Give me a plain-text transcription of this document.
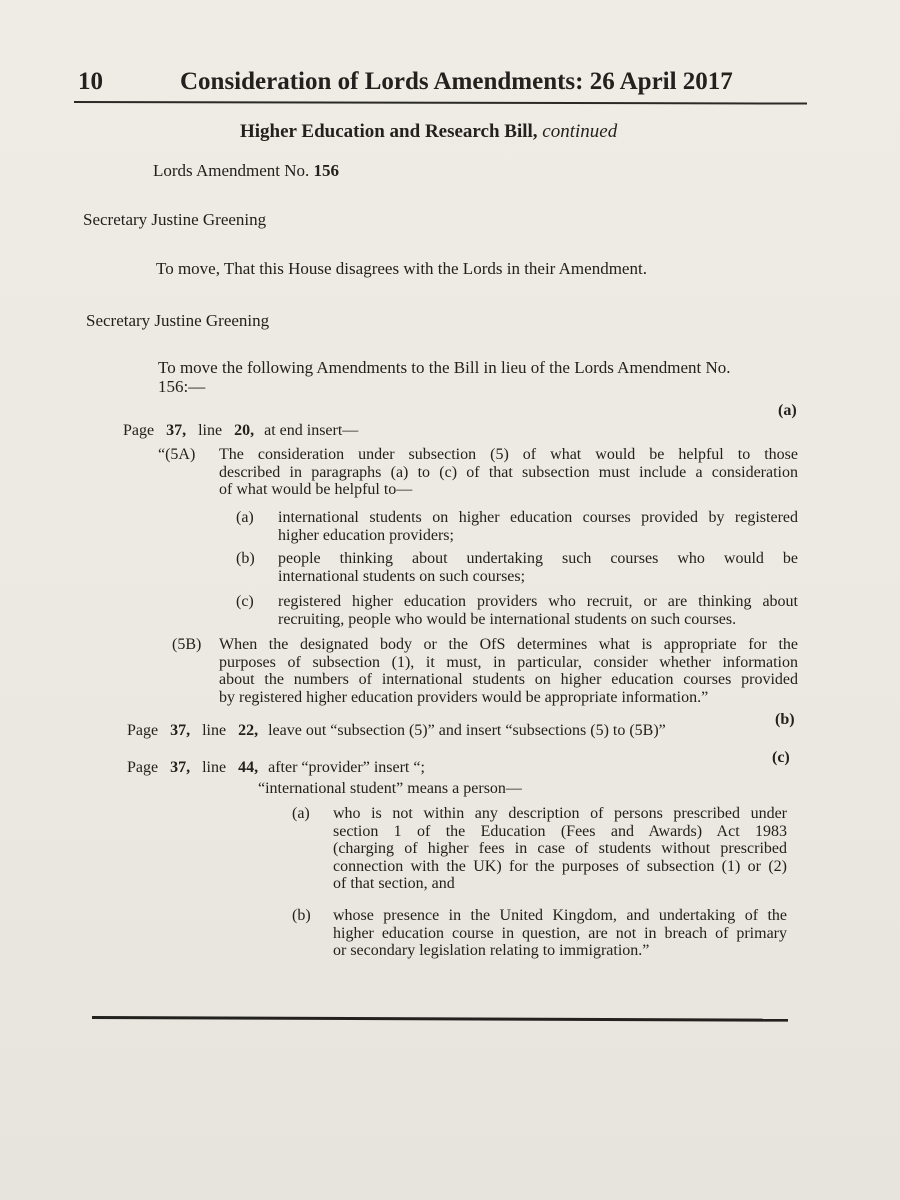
10	Consideration of Lords Amendments: 26 April 2017
Higher Education and Research Bill, continued
Lords Amendment No. 156
Secretary Justine Greening
To move, That this House disagrees with the Lords in their Amendment.
Secretary Justine Greening
To move the following Amendments to the Bill in lieu of the Lords Amendment No.
156:—
(a)
Page 37, line 20, at end insert—
“(5A) The consideration under subsection (5) of what would be helpful to those
described in paragraphs (a) to (c) of that subsection must include a consideration
of what would be helpful to—
(a) international students on higher education courses provided by registered
higher education providers;
(b) people thinking about undertaking such courses who would be
international students on such courses;
(c) registered higher education providers who recruit, or are thinking about
recruiting, people who would be international students on such courses.
(5B) When the designated body or the OfS determines what is appropriate for the
purposes of subsection (1), it must, in particular, consider whether information
about the numbers of international students on higher education courses provided
by registered higher education providers would be appropriate information.”
(b)
Page 37, line 22, leave out “subsection (5)” and insert “subsections (5) to (5B)”
(c)
Page 37, line 44, after “provider” insert “;
“international student” means a person—
(a) who is not within any description of persons prescribed under
section 1 of the Education (Fees and Awards) Act 1983
(charging of higher fees in case of students without prescribed
connection with the UK) for the purposes of subsection (1) or (2)
of that section, and
(b) whose presence in the United Kingdom, and undertaking of the
higher education course in question, are not in breach of primary
or secondary legislation relating to immigration.”
